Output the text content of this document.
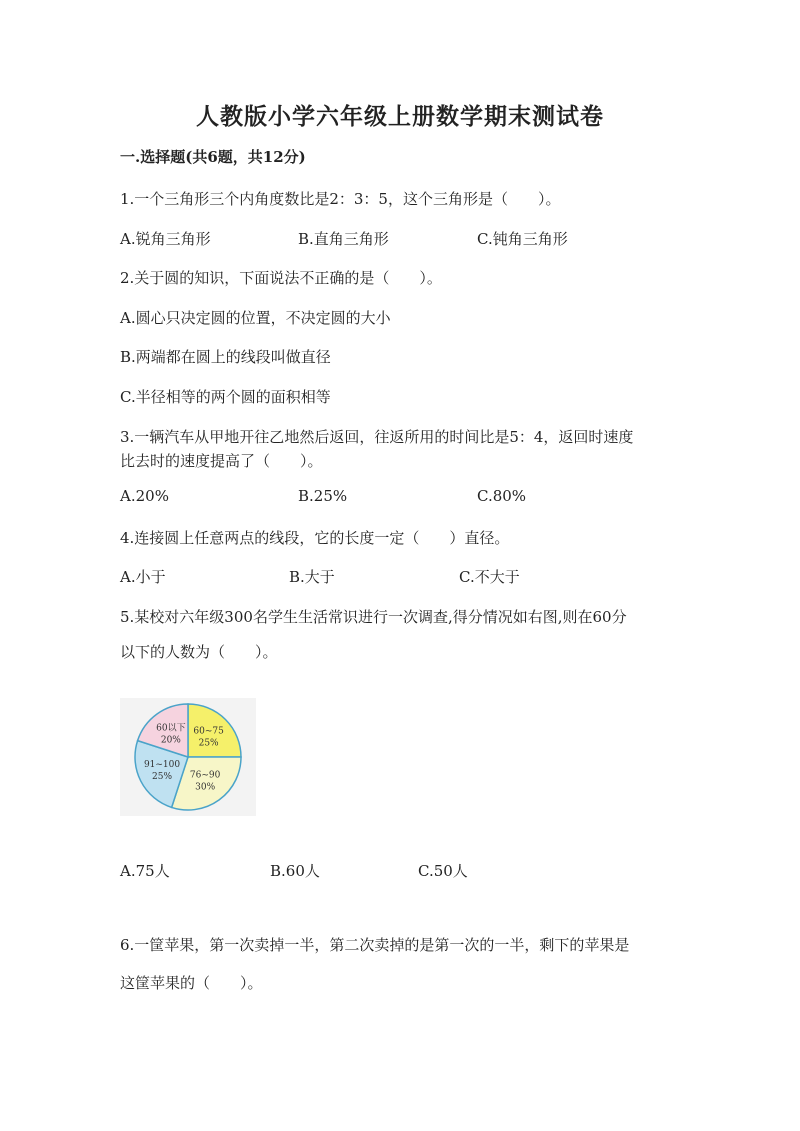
人教版小学六年级上册数学期末测试卷
一.选择题(共6题，共12分)
1.一个三角形三个内角度数比是2：3：5，这个三角形是（　　）。
A.锐角三角形	B.直角三角形	C.钝角三角形
2.关于圆的知识，下面说法不正确的是（　　）。
A.圆心只决定圆的位置，不决定圆的大小
B.两端都在圆上的线段叫做直径
C.半径相等的两个圆的面积相等
3.一辆汽车从甲地开往乙地然后返回，往返所用的时间比是5：4，返回时速度
比去时的速度提高了（　　）。
A.20%	B.25%	C.80%
4.连接圆上任意两点的线段，它的长度一定（　　）直径。
A.小于	B.大于	C.不大于
5.某校对六年级300名学生生活常识进行一次调查,得分情况如右图,则在60分
以下的人数为（　　）。
60~75
25%
76~90
30%
91~100
25%
60以下
20%
A.75人	B.60人	C.50人
6.一筐苹果，第一次卖掉一半，第二次卖掉的是第一次的一半，剩下的苹果是
这筐苹果的（　　）。
